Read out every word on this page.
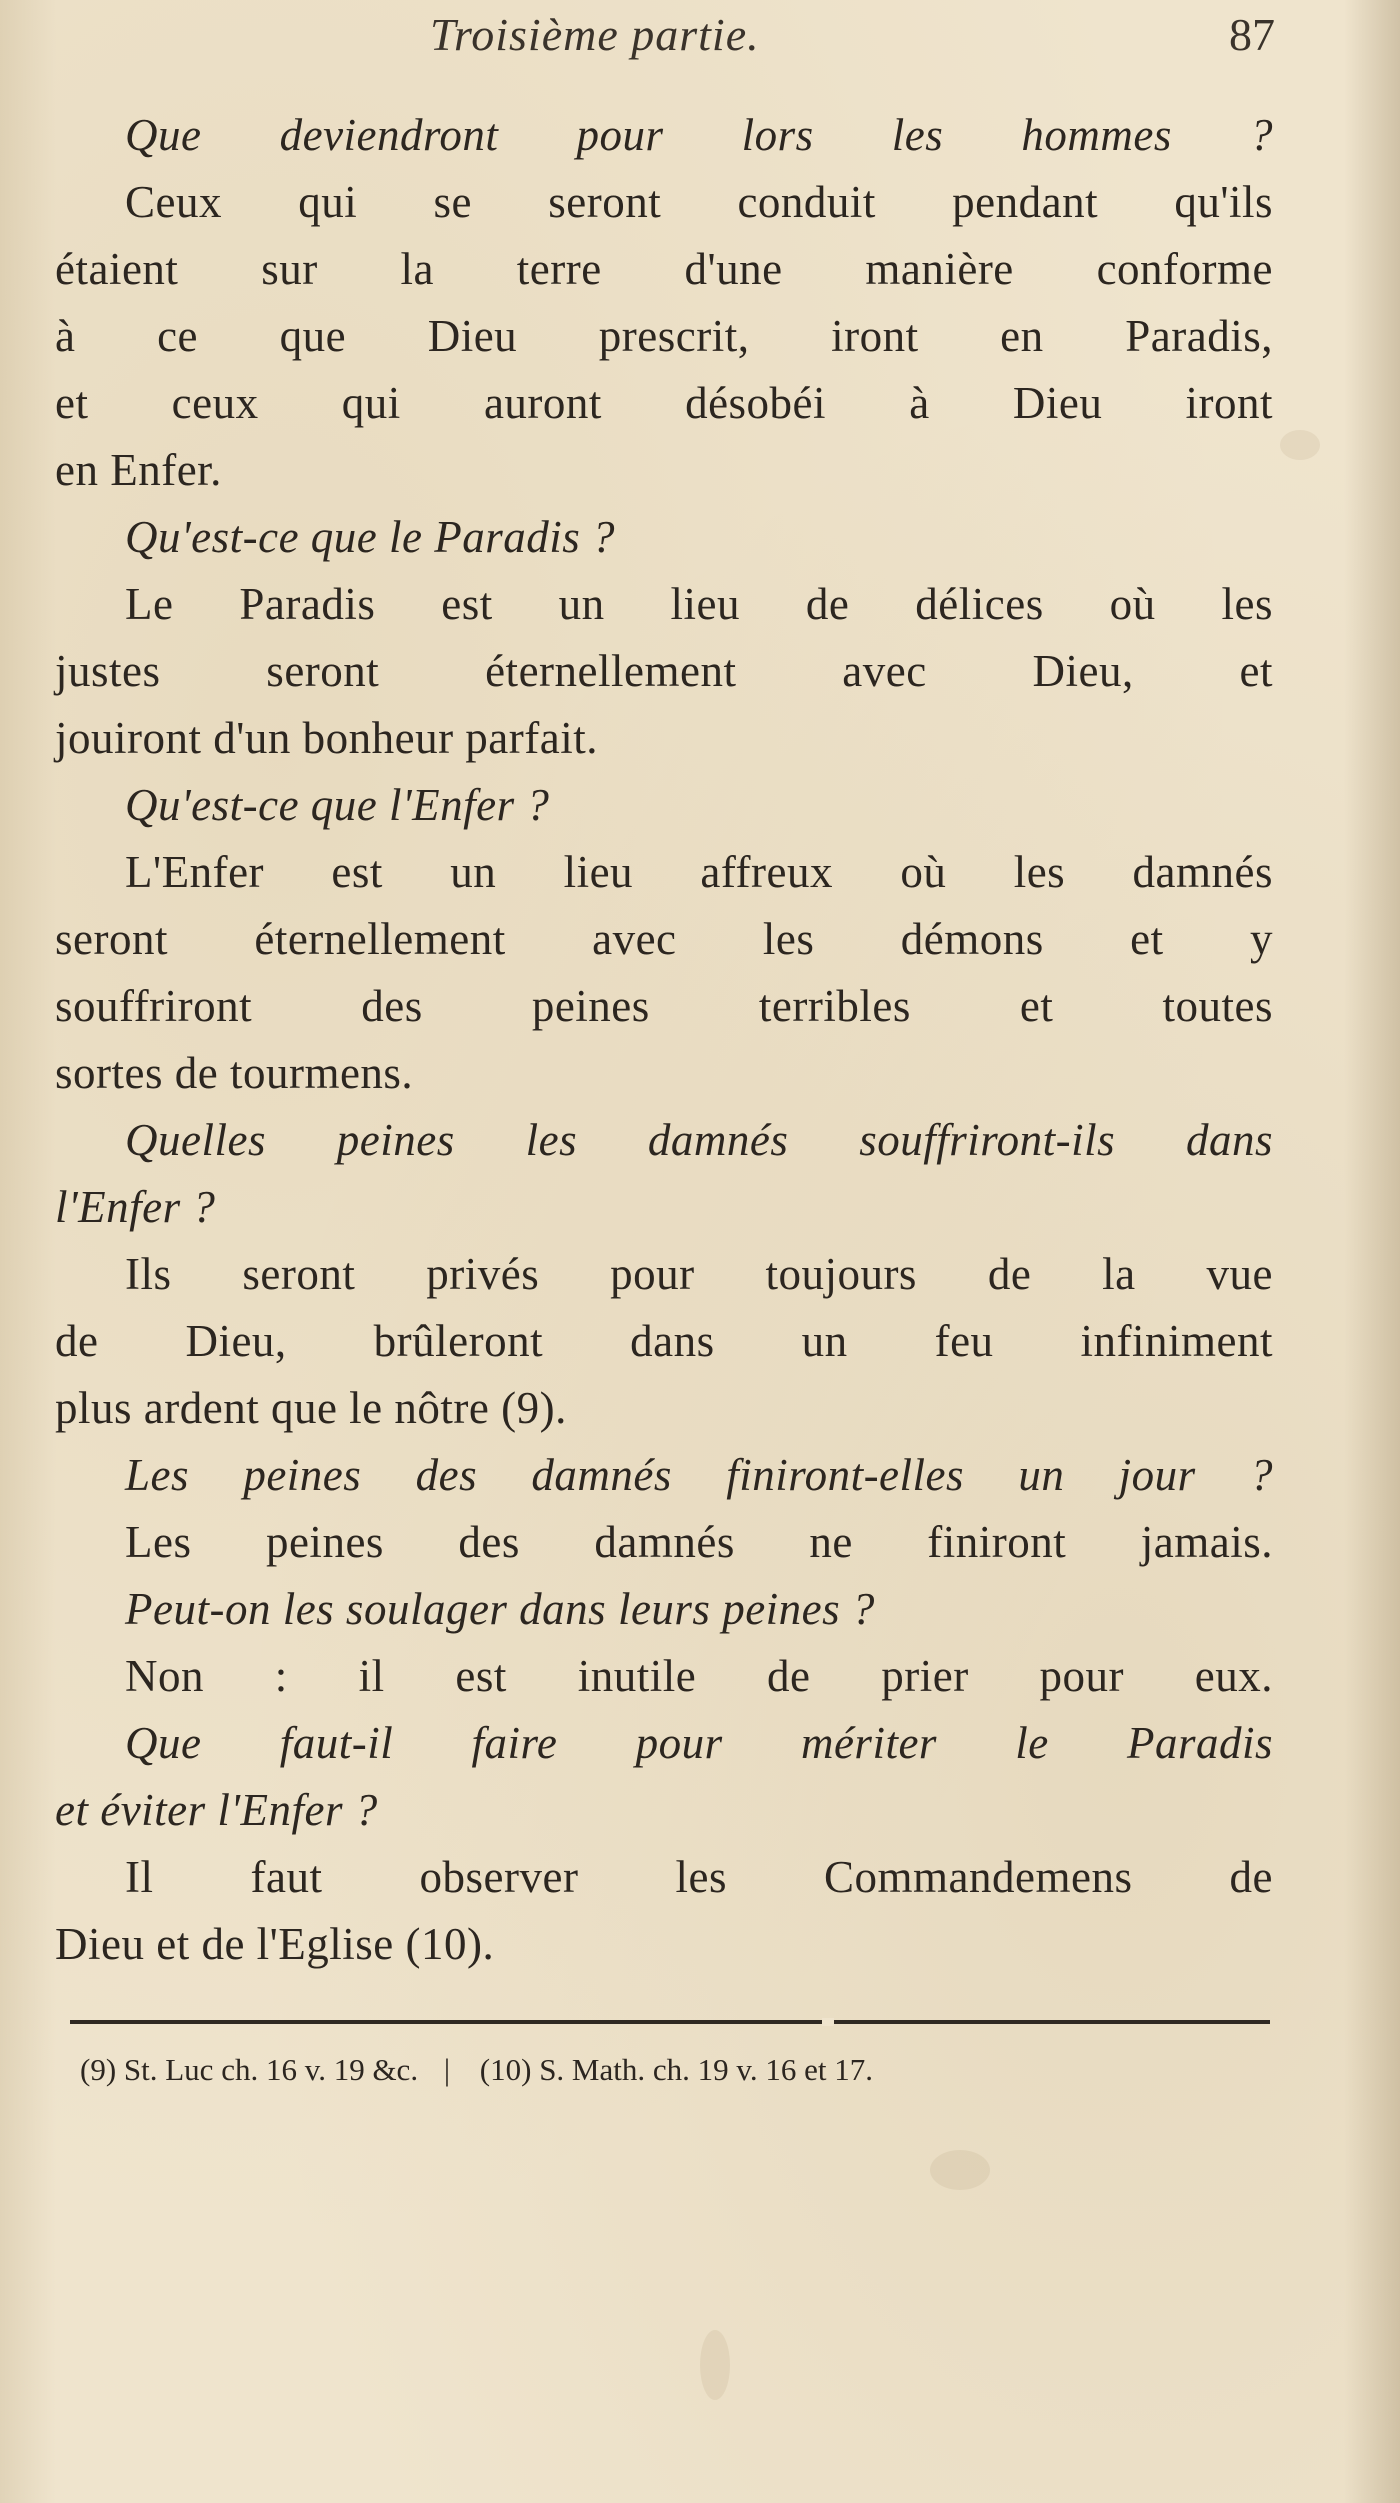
Troisième partie.	87
Que deviendront pour lors les hommes ?
Ceux qui se seront conduit pendant qu'ils
étaient sur la terre d'une manière conforme
à ce que Dieu prescrit, iront en Paradis,
et ceux qui auront désobéi à Dieu iront
en Enfer.
Qu'est-ce que le Paradis ?
Le Paradis est un lieu de délices où les
justes seront éternellement avec Dieu, et
jouiront d'un bonheur parfait.
Qu'est-ce que l'Enfer ?
L'Enfer est un lieu affreux où les damnés
seront éternellement avec les démons et y
souffriront des peines terribles et toutes
sortes de tourmens.
Quelles peines les damnés souffriront-ils dans
l'Enfer ?
Ils seront privés pour toujours de la vue
de Dieu, brûleront dans un feu infiniment
plus ardent que le nôtre (9).
Les peines des damnés finiront-elles un jour ?
Les peines des damnés ne finiront jamais.
Peut-on les soulager dans leurs peines ?
Non : il est inutile de prier pour eux.
Que faut-il faire pour mériter le Paradis
et éviter l'Enfer ?
Il faut observer les Commandemens de
Dieu et de l'Eglise (10).
(9) St. Luc ch. 16 v. 19 &c. | (10) S. Math. ch. 19 v. 16 et 17.
